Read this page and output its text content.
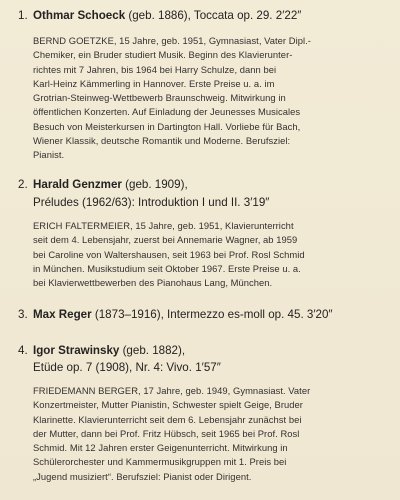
1. Othmar Schoeck (geb. 1886), Toccata op. 29. 2′22″

BERND GOETZKE, 15 Jahre, geb. 1951, Gymnasiast, Vater Dipl.-
Chemiker, ein Bruder studiert Musik. Beginn des Klavierunter-
richtes mit 7 Jahren, bis 1964 bei Harry Schulze, dann bei
Karl-Heinz Kämmerling in Hannover. Erste Preise u. a. im
Grotrian-Steinweg-Wettbewerb Braunschweig. Mitwirkung in
öffentlichen Konzerten. Auf Einladung der Jeunesses Musicales
Besuch von Meisterkursen in Dartington Hall. Vorliebe für Bach,
Wiener Klassik, deutsche Romantik und Moderne. Berufsziel:
Pianist.

2. Harald Genzmer (geb. 1909),

Préludes (1962/63): Introduktion I und II. 3′19″

ERICH FALTERMEIER, 15 Jahre, geb. 1951, Klavierunterricht
seit dem 4. Lebensjahr, zuerst bei Annemarie Wagner, ab 1959
bei Caroline von Waltershausen, seit 1963 bei Prof. Rosl Schmid
in München. Musikstudium seit Oktober 1967. Erste Preise u. a.
bei Klavierwettbewerben des Pianohaus Lang, München.

3. Max Reger (1873–1916), Intermezzo es-moll op. 45. 3′20″

4. Igor Strawinsky (geb. 1882),

Etüde op. 7 (1908), Nr. 4: Vivo. 1′57″

FRIEDEMANN BERGER, 17 Jahre, geb. 1949, Gymnasiast. Vater
Konzertmeister, Mutter Pianistin, Schwester spielt Geige, Bruder
Klarinette. Klavierunterricht seit dem 6. Lebensjahr zunächst bei
der Mutter, dann bei Prof. Fritz Hübsch, seit 1965 bei Prof. Rosl
Schmid. Mit 12 Jahren erster Geigenunterricht. Mitwirkung in
Schülerorchester und Kammermusikgruppen mit 1. Preis bei
„Jugend musiziert“. Berufsziel: Pianist oder Dirigent.
